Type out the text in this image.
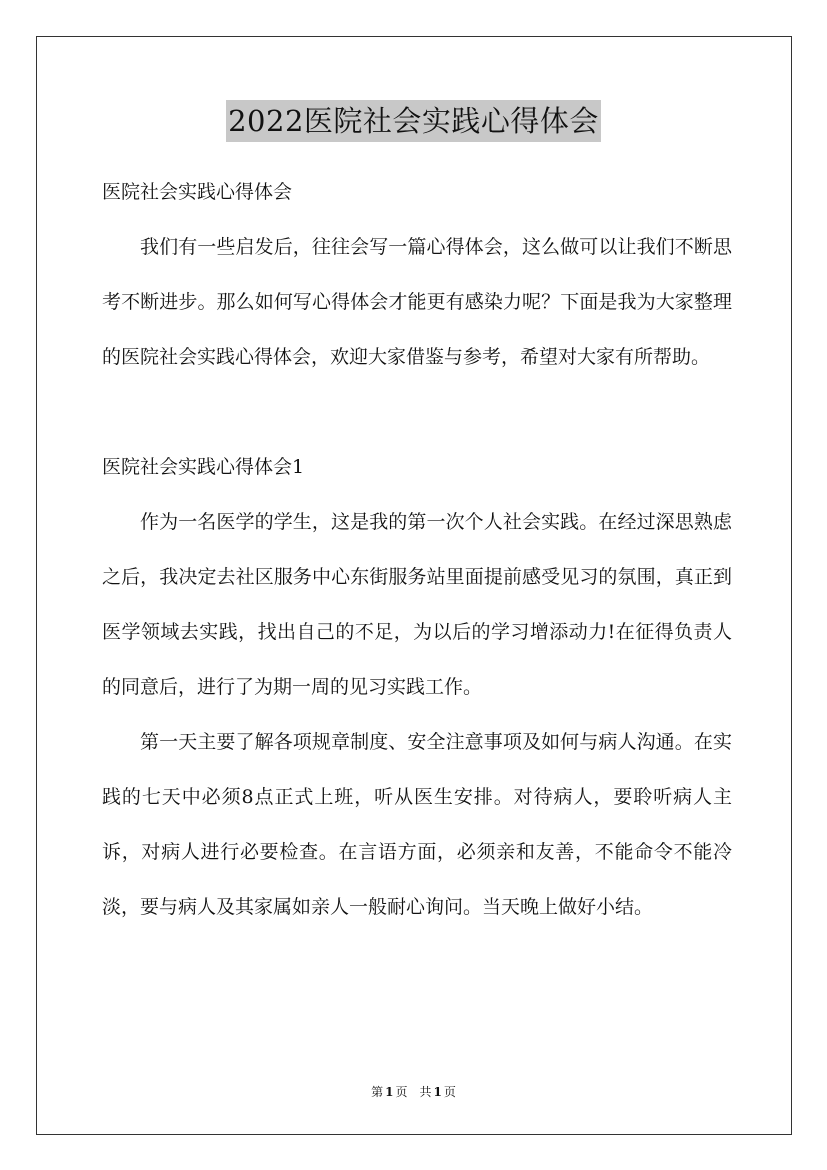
2022医院社会实践心得体会

医院社会实践心得体会

我们有一些启发后，往往会写一篇心得体会，这么做可以让我们不断思考不断进步。那么如何写心得体会才能更有感染力呢？下面是我为大家整理的医院社会实践心得体会，欢迎大家借鉴与参考，希望对大家有所帮助。

医院社会实践心得体会1

作为一名医学的学生，这是我的第一次个人社会实践。在经过深思熟虑之后，我决定去社区服务中心东街服务站里面提前感受见习的氛围，真正到医学领域去实践，找出自己的不足，为以后的学习增添动力!在征得负责人的同意后，进行了为期一周的见习实践工作。

第一天主要了解各项规章制度、安全注意事项及如何与病人沟通。在实践的七天中必须8点正式上班，听从医生安排。对待病人，要聆听病人主诉，对病人进行必要检查。在言语方面，必须亲和友善，不能命令不能冷淡，要与病人及其家属如亲人一般耐心询问。当天晚上做好小结。

第 1 页 共 1 页
